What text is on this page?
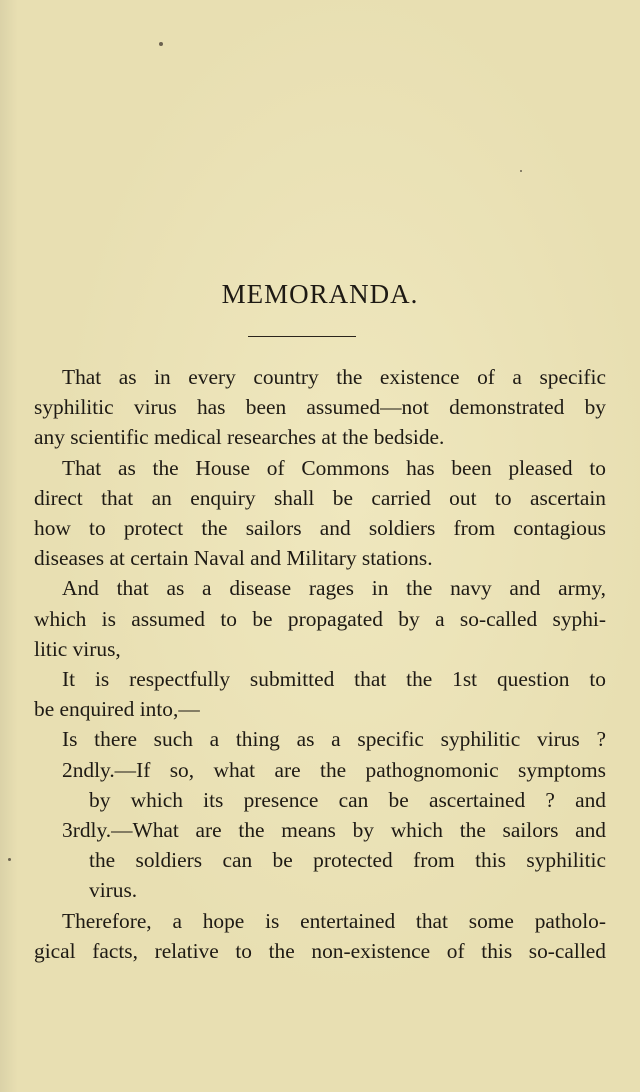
MEMORANDA.
That as in every country the existence of a specific
syphilitic virus has been assumed—not demonstrated by
any scientific medical researches at the bedside.
That as the House of Commons has been pleased to
direct that an enquiry shall be carried out to ascertain
how to protect the sailors and soldiers from contagious
diseases at certain Naval and Military stations.
And that as a disease rages in the navy and army,
which is assumed to be propagated by a so-called syphi-
litic virus,
It is respectfully submitted that the 1st question to
be enquired into,—
Is there such a thing as a specific syphilitic virus ?
2ndly.—If so, what are the pathognomonic symptoms
by which its presence can be ascertained ? and
3rdly.—What are the means by which the sailors and
the soldiers can be protected from this syphilitic
virus.
Therefore, a hope is entertained that some patholo-
gical facts, relative to the non-existence of this so-called
